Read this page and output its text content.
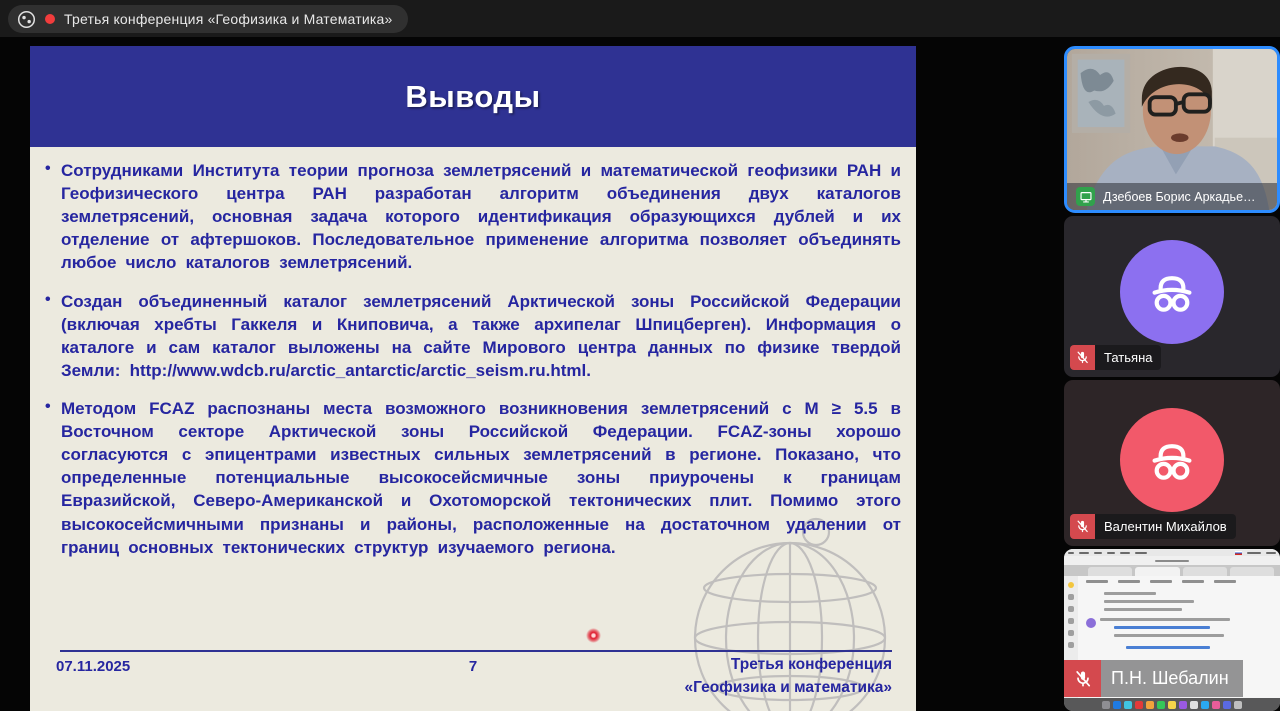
Третья конференция «Геофизика и Математика»
Выводы
• Сотрудниками Института теории прогноза землетрясений и математической геофизики РАН и Геофизического центра РАН разработан алгоритм объединения двух каталогов землетрясений, основная задача которого идентификация образующихся дублей и их отделение от афтершоков. Последовательное применение алгоритма позволяет объединять любое число каталогов землетрясений.

• Создан объединенный каталог землетрясений Арктической зоны Российской Федерации (включая хребты Гаккеля и Книповича, а также архипелаг Шпицберген). Информация о каталоге и сам каталог выложены на сайте Мирового центра данных по физике твердой Земли: http://www.wdcb.ru/arctic_antarctic/arctic_seism.ru.html.

• Методом FCAZ распознаны места возможного возникновения землетрясений с M ≥ 5.5 в Восточном секторе Арктической зоны Российской Федерации. FCAZ-зоны хорошо согласуются с эпицентрами известных сильных землетрясений в регионе. Показано, что определенные потенциальные высокосейсмичные зоны приурочены к границам Евразийской, Северо-Американской и Охотоморской тектонических плит. Помимо этого высокосейсмичными признаны и районы, расположенные на достаточном удалении от границ основных тектонических структур изучаемого региона.

07.11.2025	7	Третья конференция
«Геофизика и математика»
Дзебоев Борис Аркадье…
Татьяна
Валентин Михайлов
П.Н. Шебалин
